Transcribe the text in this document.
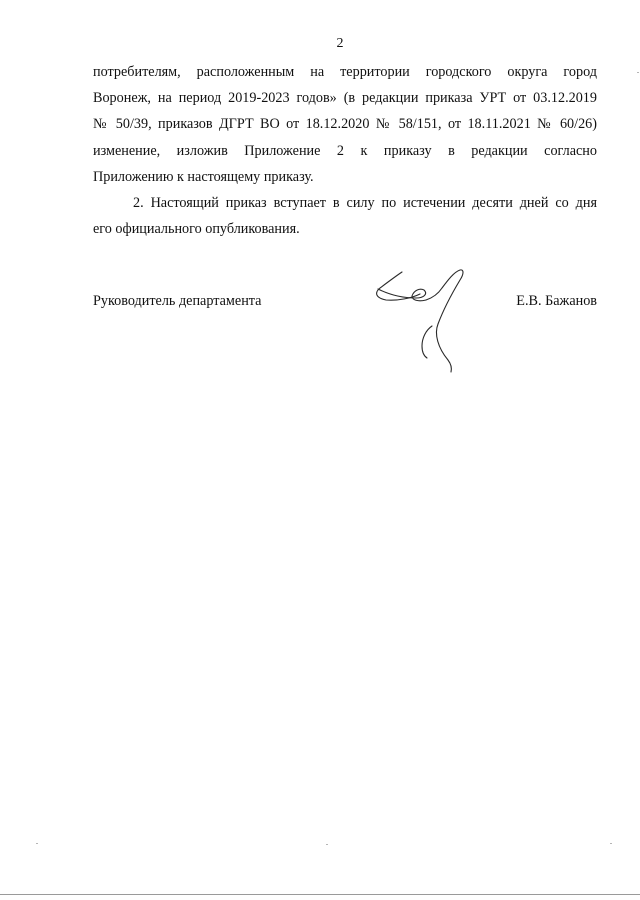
2
потребителям, расположенным на территории городского округа город
Воронеж, на период 2019-2023 годов» (в редакции приказа УРТ от 03.12.2019
№ 50/39, приказов ДГРТ ВО от 18.12.2020 № 58/151, от 18.11.2021 № 60/26)
изменение, изложив Приложение 2 к приказу в редакции согласно
Приложению к настоящему приказу.
2. Настоящий приказ вступает в силу по истечении десяти дней со дня
его официального опубликования.
Руководитель департамента	Е.В. Бажанов
